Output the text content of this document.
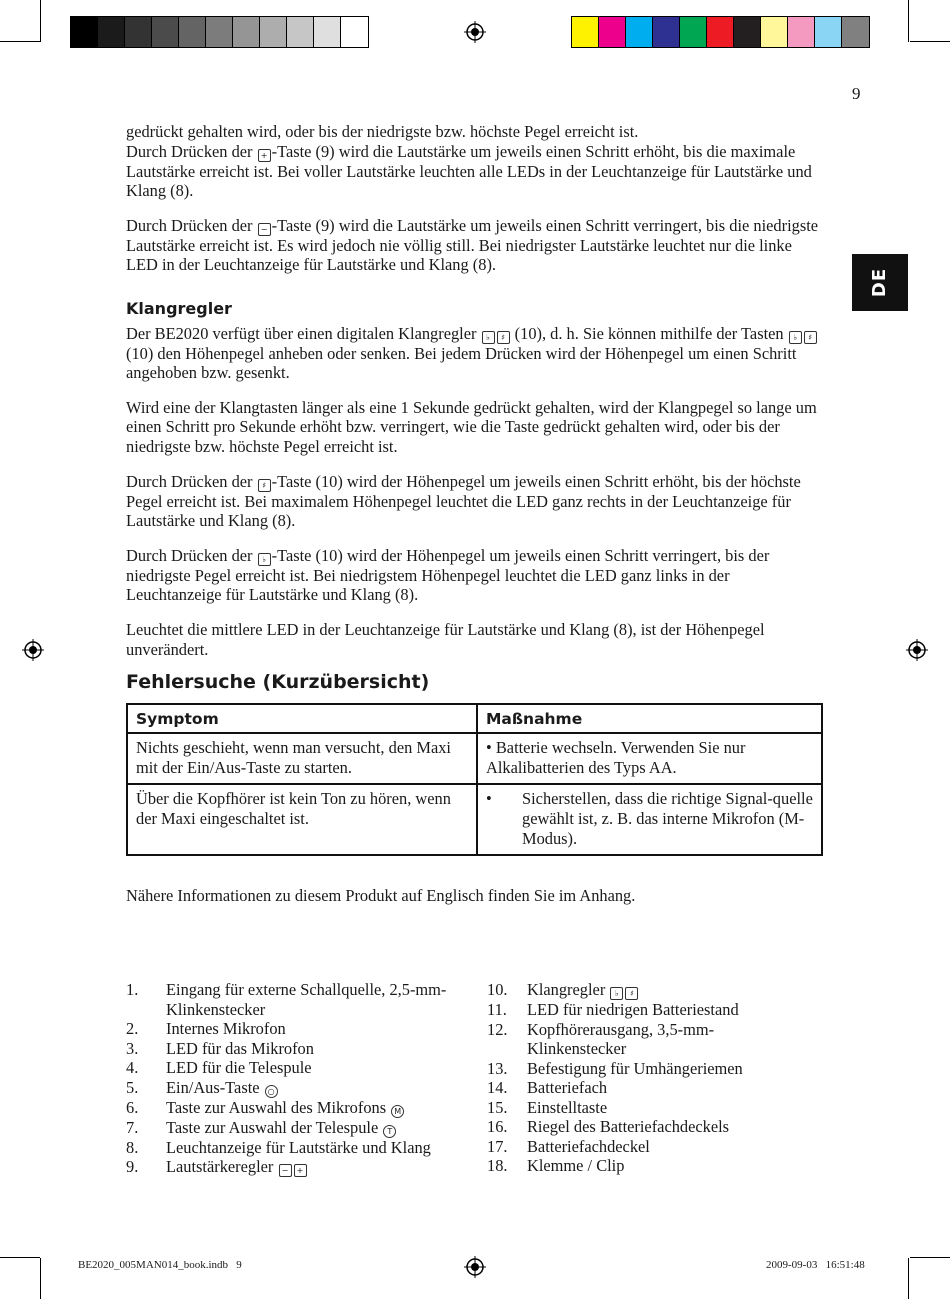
9
DE

gedrückt gehalten wird, oder bis der niedrigste bzw. höchste Pegel erreicht ist.

Durch Drücken der + -Taste (9) wird die Lautstärke um jeweils einen Schritt erhöht, bis die maximale Lautstärke erreicht ist. Bei voller Lautstärke leuchten alle LEDs in der Leuchtanzeige für Lautstärke und Klang (8).

Durch Drücken der − -Taste (9) wird die Lautstärke um jeweils einen Schritt verringert, bis die niedrigste Lautstärke erreicht ist. Es wird jedoch nie völlig still. Bei niedrigster Lautstärke leuchtet nur die linke LED in der Leuchtanzeige für Lautstärke und Klang (8).

Klangregler

Der BE2020 verfügt über einen digitalen Klangregler ♭ ♯ (10), d. h. Sie können mithilfe der Tasten ♭ ♯ (10) den Höhenpegel anheben oder senken. Bei jedem Drücken wird der Höhenpegel um einen Schritt angehoben bzw. gesenkt.

Wird eine der Klangtasten länger als eine 1 Sekunde gedrückt gehalten, wird der Klangpegel so lange um einen Schritt pro Sekunde erhöht bzw. verringert, wie die Taste gedrückt gehalten wird, oder bis der niedrigste bzw. höchste Pegel erreicht ist.

Durch Drücken der ♯ -Taste (10) wird der Höhenpegel um jeweils einen Schritt erhöht, bis der höchste Pegel erreicht ist. Bei maximalem Höhenpegel leuchtet die LED ganz rechts in der Leuchtanzeige für Lautstärke und Klang (8).

Durch Drücken der ♭ -Taste (10) wird der Höhenpegel um jeweils einen Schritt verringert, bis der niedrigste Pegel erreicht ist. Bei niedrigstem Höhenpegel leuchtet die LED ganz links in der Leuchtanzeige für Lautstärke und Klang (8).

Leuchtet die mittlere LED in der Leuchtanzeige für Lautstärke und Klang (8), ist der Höhenpegel unverändert.

Fehlersuche (Kurzübersicht)
Symptom	Maßnahme
Nichts geschieht, wenn man versucht, den Maxi mit der Ein/Aus-Taste zu starten.	• Batterie wechseln. Verwenden Sie nur Alkalibatterien des Typs AA.

Über die Kopfhörer ist kein Ton zu hören, wenn der Maxi eingeschaltet ist.	• Sicherstellen, dass die richtige Signal-quelle gewählt ist, z. B. das interne Mikrofon (M-Modus).
Nähere Informationen zu diesem Produkt auf Englisch finden Sie im Anhang.
1.	Eingang für externe Schallquelle, 2,5-mm-Klinkenstecker
2.	Internes Mikrofon
3.	LED für das Mikrofon
4.	LED für die Telespule
5.	Ein/Aus-Taste ○
6.	Taste zur Auswahl des Mikrofons M
7.	Taste zur Auswahl der Telespule T
8.	Leuchtanzeige für Lautstärke und Klang
9.	Lautstärkeregler − +
10.	Klangregler ♭ ♯
11.	LED für niedrigen Batteriestand
12.	Kopfhörerausgang, 3,5-mm-Klinkenstecker
13.	Befestigung für Umhängeriemen
14.	Batteriefach
15.	Einstelltaste
16.	Riegel des Batteriefachdeckels
17.	Batteriefachdeckel
18.	Klemme / Clip
BE2020_005MAN014_book.indb   9	2009-09-03   16:51:48
